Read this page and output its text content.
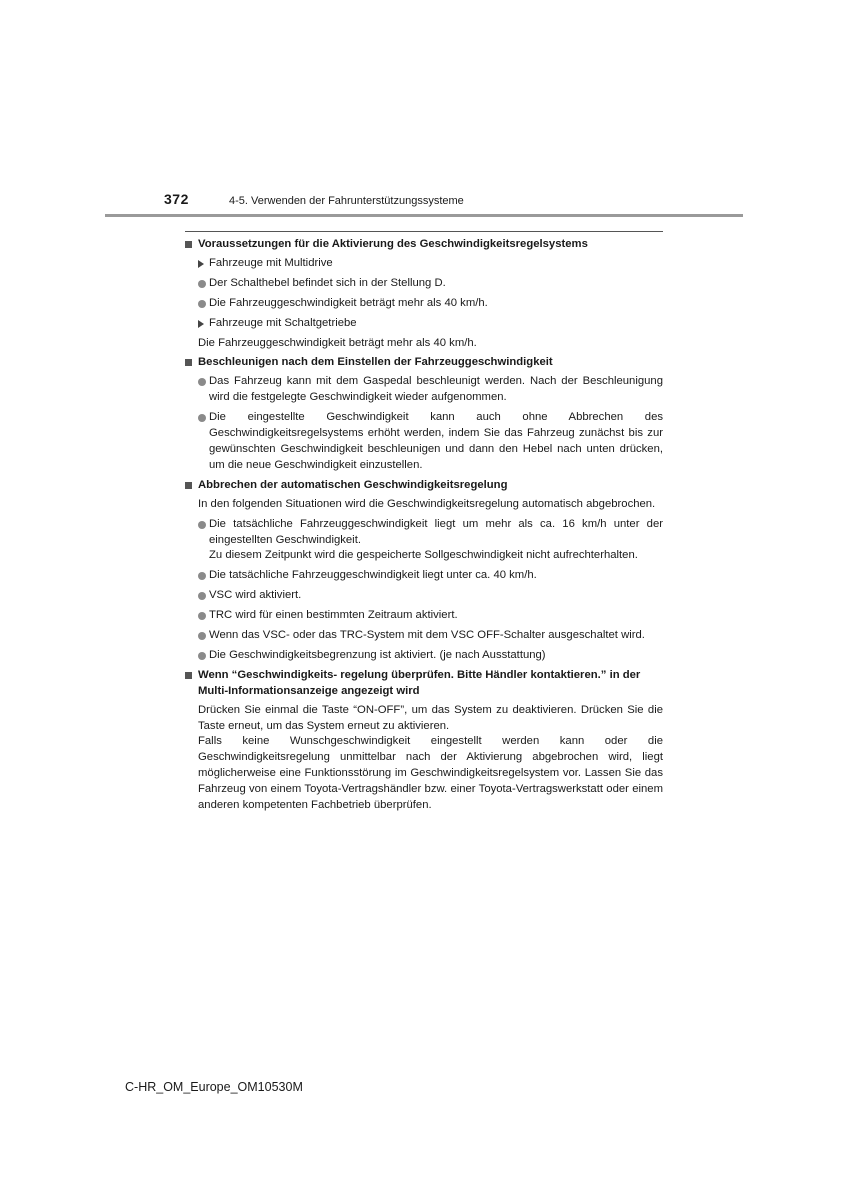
372	4-5. Verwenden der Fahrunterstützungssysteme
Voraussetzungen für die Aktivierung des Geschwindigkeitsregelsystems
Fahrzeuge mit Multidrive
Der Schalthebel befindet sich in der Stellung D.
Die Fahrzeuggeschwindigkeit beträgt mehr als 40 km/h.
Fahrzeuge mit Schaltgetriebe
Die Fahrzeuggeschwindigkeit beträgt mehr als 40 km/h.
Beschleunigen nach dem Einstellen der Fahrzeuggeschwindigkeit
Das Fahrzeug kann mit dem Gaspedal beschleunigt werden. Nach der Beschleunigung wird die festgelegte Geschwindigkeit wieder aufgenommen.
Die eingestellte Geschwindigkeit kann auch ohne Abbrechen des Geschwindigkeitsregelsystems erhöht werden, indem Sie das Fahrzeug zunächst bis zur gewünschten Geschwindigkeit beschleunigen und dann den Hebel nach unten drücken, um die neue Geschwindigkeit einzustellen.
Abbrechen der automatischen Geschwindigkeitsregelung
In den folgenden Situationen wird die Geschwindigkeitsregelung automatisch abgebrochen.
Die tatsächliche Fahrzeuggeschwindigkeit liegt um mehr als ca. 16 km/h unter der eingestellten Geschwindigkeit.
Zu diesem Zeitpunkt wird die gespeicherte Sollgeschwindigkeit nicht aufrechterhalten.
Die tatsächliche Fahrzeuggeschwindigkeit liegt unter ca. 40 km/h.
VSC wird aktiviert.
TRC wird für einen bestimmten Zeitraum aktiviert.
Wenn das VSC- oder das TRC-System mit dem VSC OFF-Schalter ausgeschaltet wird.
Die Geschwindigkeitsbegrenzung ist aktiviert. (je nach Ausstattung)
Wenn “Geschwindigkeits- regelung überprüfen. Bitte Händler kontaktieren.” in der Multi-Informationsanzeige angezeigt wird
Drücken Sie einmal die Taste “ON-OFF”, um das System zu deaktivieren. Drücken Sie die Taste erneut, um das System erneut zu aktivieren.
Falls keine Wunschgeschwindigkeit eingestellt werden kann oder die Geschwindigkeitsregelung unmittelbar nach der Aktivierung abgebrochen wird, liegt möglicherweise eine Funktionsstörung im Geschwindigkeitsregelsystem vor. Lassen Sie das Fahrzeug von einem Toyota-Vertragshändler bzw. einer Toyota-Vertragswerkstatt oder einem anderen kompetenten Fachbetrieb überprüfen.
C-HR_OM_Europe_OM10530M
